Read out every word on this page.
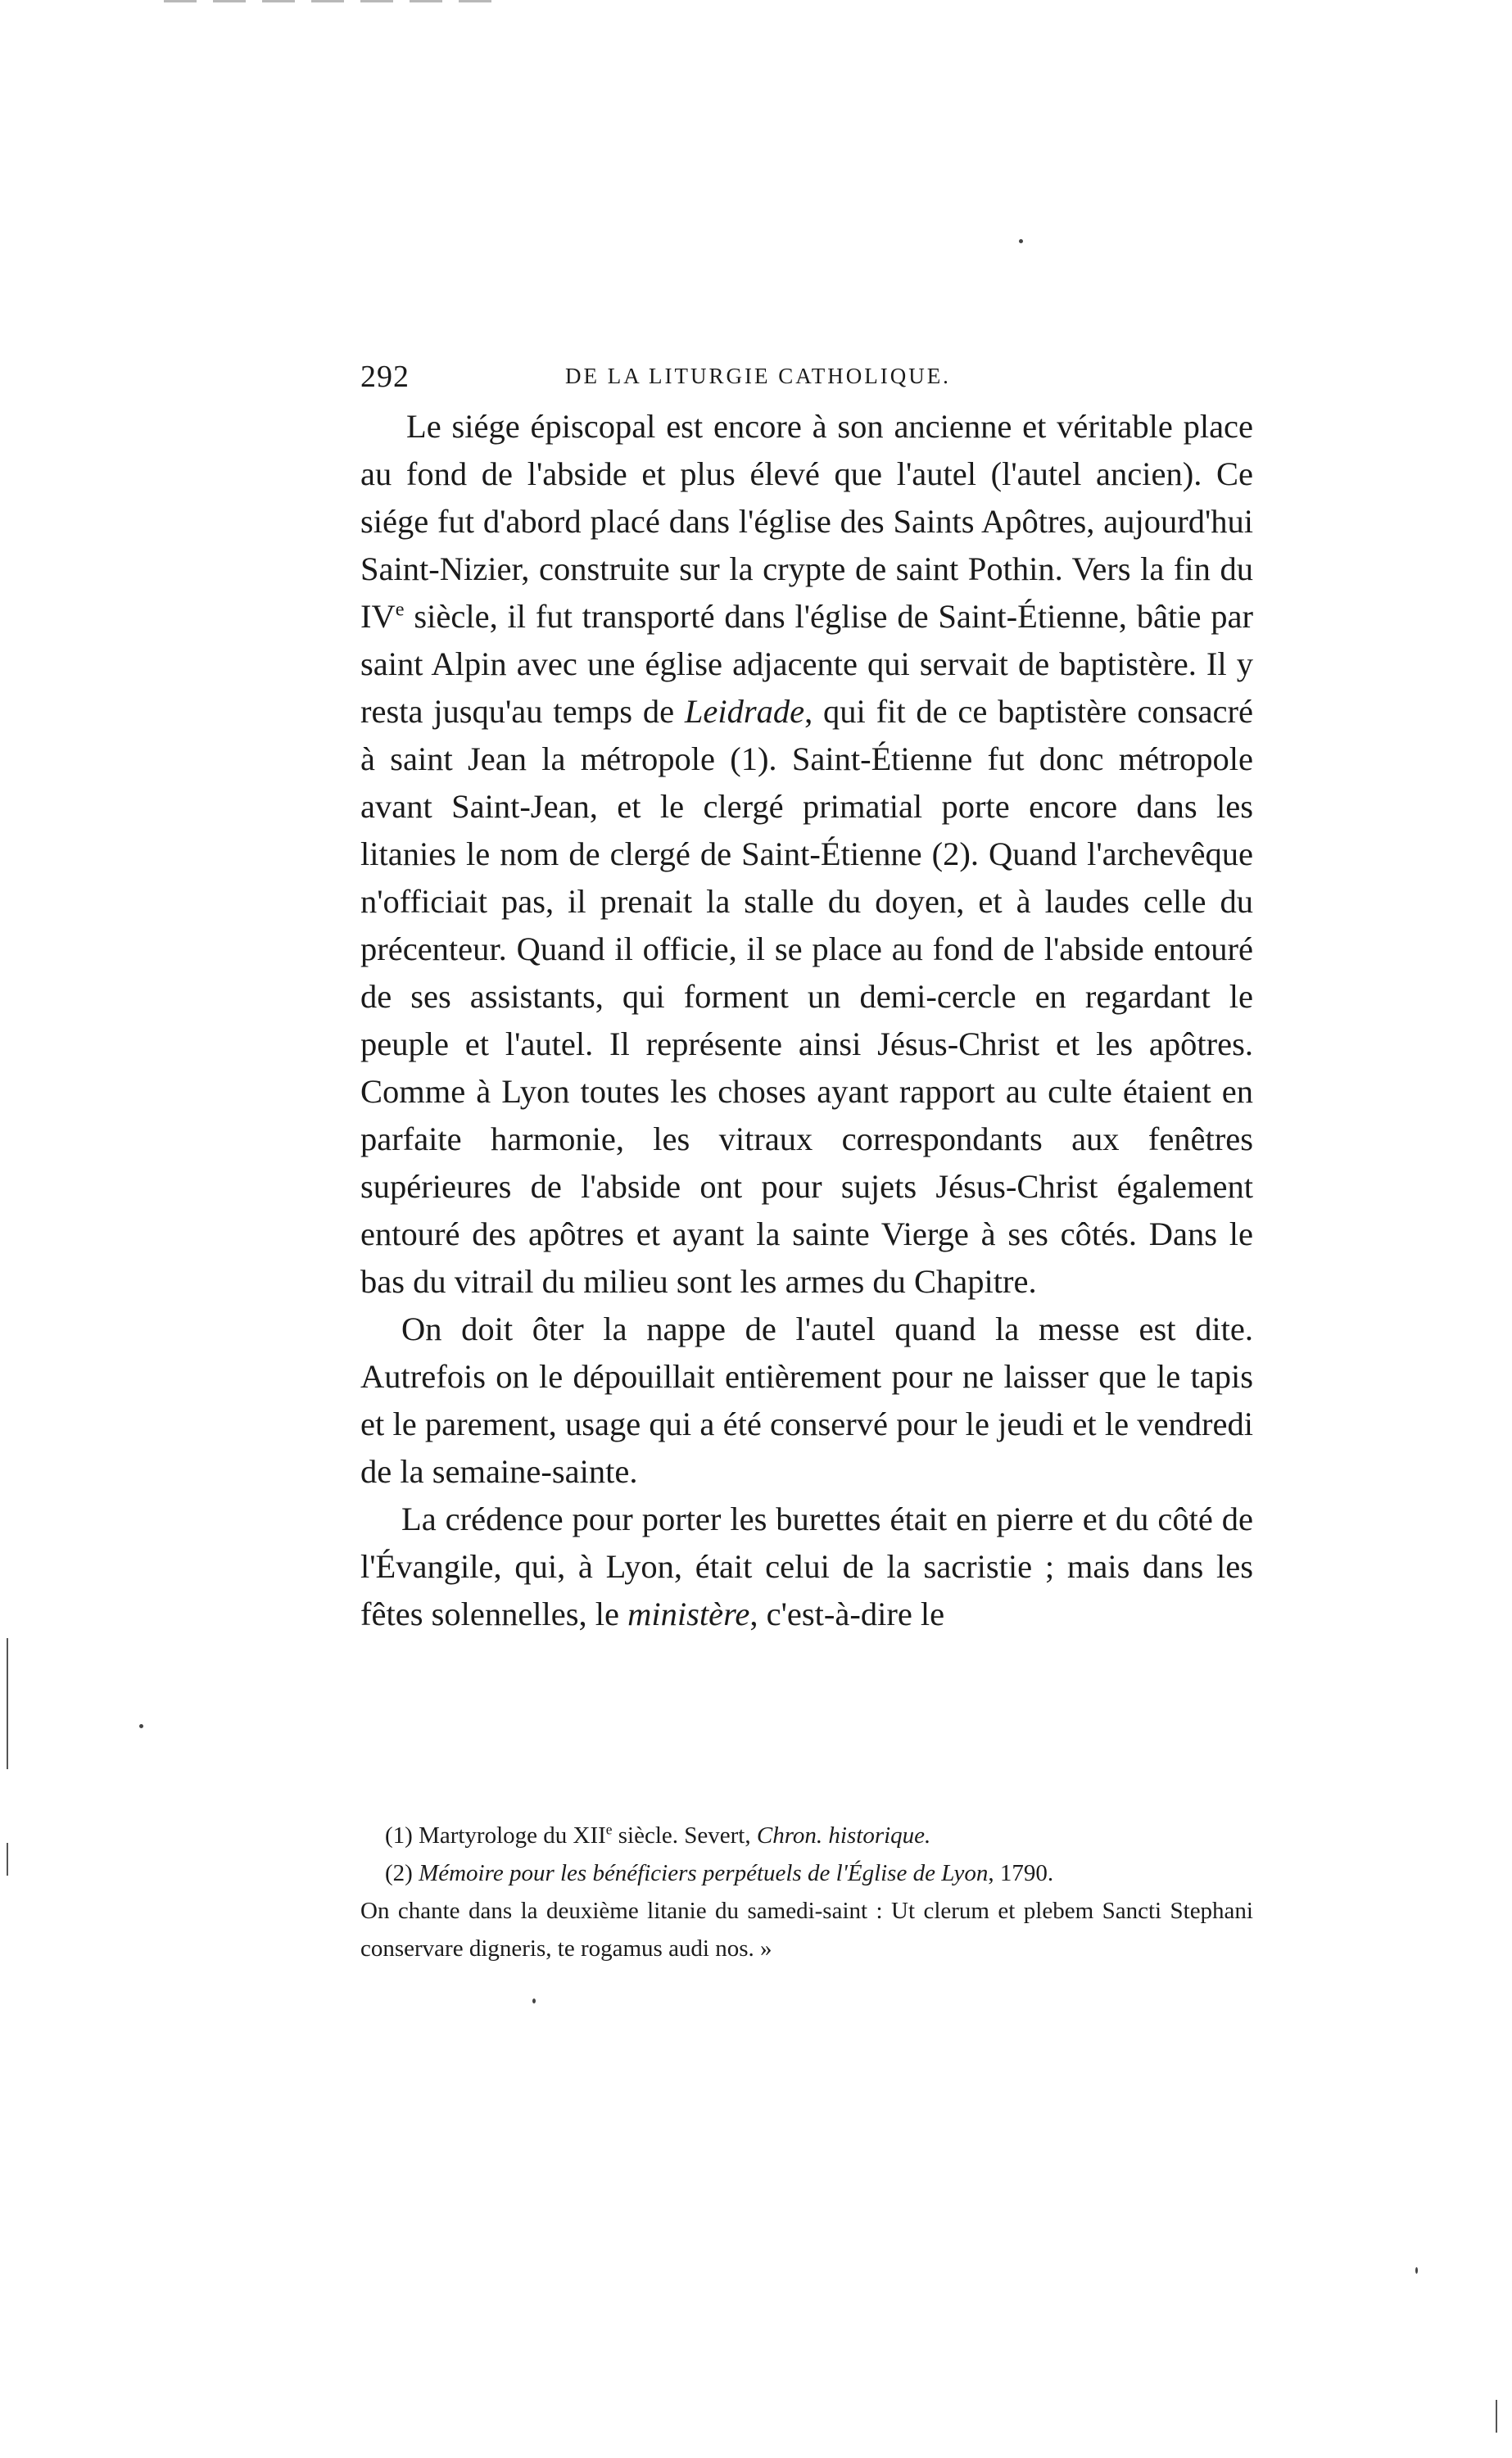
292	DE LA LITURGIE CATHOLIQUE.

Le siége épiscopal est encore à son ancienne et véritable place au fond de l'abside et plus élevé que l'autel (l'autel ancien). Ce siége fut d'abord placé dans l'église des Saints Apôtres, aujourd'hui Saint-Nizier, construite sur la crypte de saint Pothin. Vers la fin du IVe siècle, il fut transporté dans l'église de Saint-Étienne, bâtie par saint Alpin avec une église adjacente qui servait de baptistère. Il y resta jusqu'au temps de Leidrade, qui fit de ce baptistère consacré à saint Jean la métropole (1). Saint-Étienne fut donc métropole avant Saint-Jean, et le clergé primatial porte encore dans les litanies le nom de clergé de Saint-Étienne (2). Quand l'archevêque n'officiait pas, il prenait la stalle du doyen, et à laudes celle du précenteur. Quand il officie, il se place au fond de l'abside entouré de ses assistants, qui forment un demi-cercle en regardant le peuple et l'autel. Il représente ainsi Jésus-Christ et les apôtres. Comme à Lyon toutes les choses ayant rapport au culte étaient en parfaite harmonie, les vitraux correspondants aux fenêtres supérieures de l'abside ont pour sujets Jésus-Christ également entouré des apôtres et ayant la sainte Vierge à ses côtés. Dans le bas du vitrail du milieu sont les armes du Chapitre.

On doit ôter la nappe de l'autel quand la messe est dite. Autrefois on le dépouillait entièrement pour ne laisser que le tapis et le parement, usage qui a été conservé pour le jeudi et le vendredi de la semaine-sainte.

La crédence pour porter les burettes était en pierre et du côté de l'Évangile, qui, à Lyon, était celui de la sacristie ; mais dans les fêtes solennelles, le ministère, c'est-à-dire le

(1) Martyrologe du XIIe siècle. Severt, Chron. historique.

(2) Mémoire pour les bénéficiers perpétuels de l'Église de Lyon, 1790.

On chante dans la deuxième litanie du samedi-saint : Ut clerum et plebem Sancti Stephani conservare digneris, te rogamus audi nos. »
